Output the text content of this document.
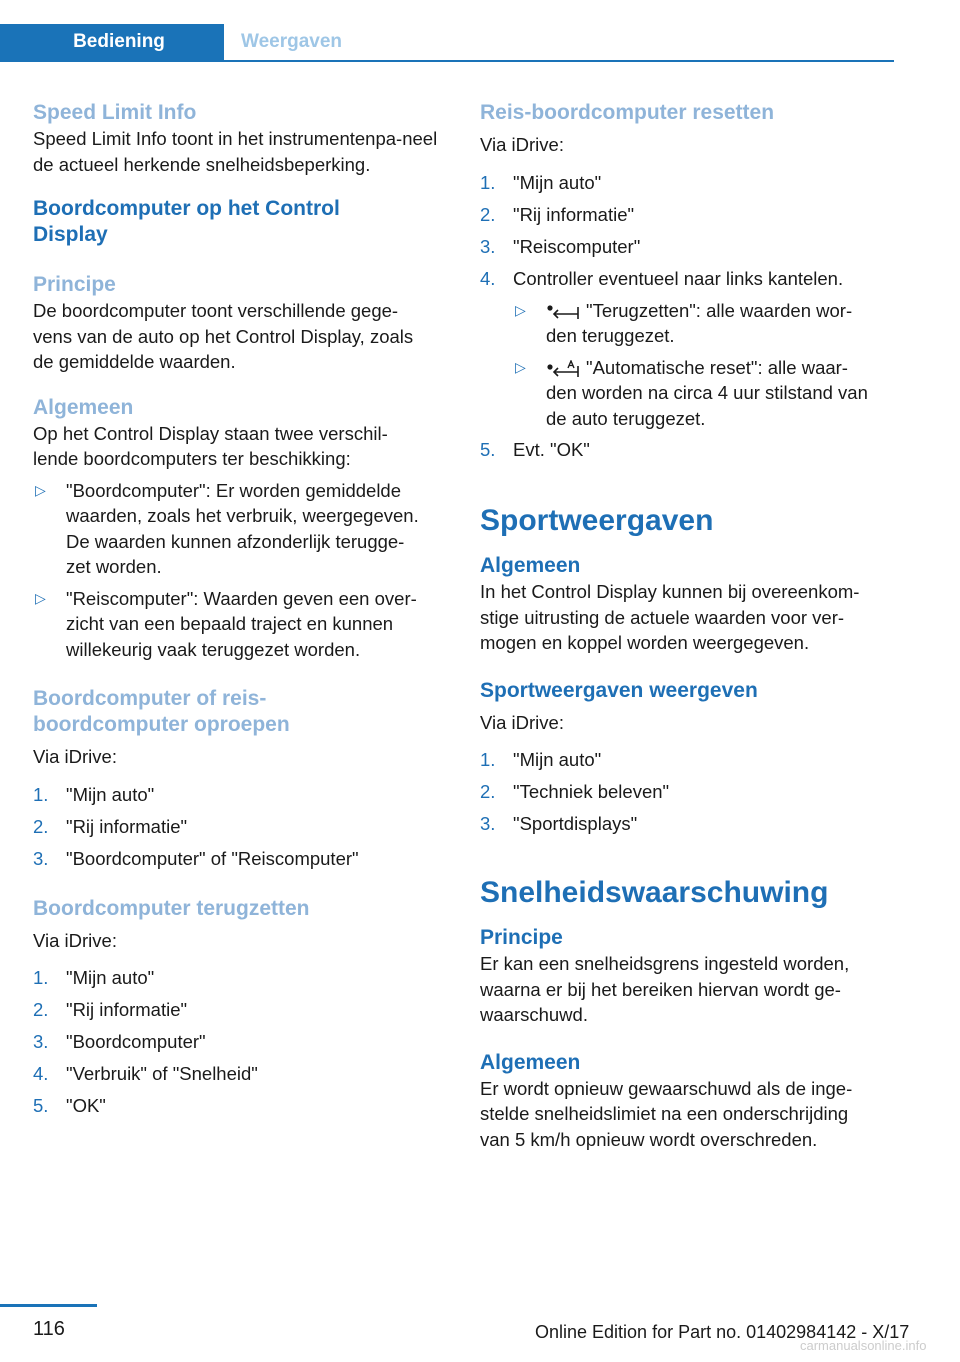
Bediening	Weergaven
Speed Limit Info

Speed Limit Info toont in het instrumentenpa-neel de actueel herkende snelheidsbeperking.

Boordcomputer op het Control
Display
Principe

De boordcomputer toont verschillende gege-
vens van de auto op het Control Display, zoals
de gemiddelde waarden.

Algemeen

Op het Control Display staan twee verschil-
lende boordcomputers ter beschikking:

▷ "Boordcomputer": Er worden gemiddelde
waarden, zoals het verbruik, weergegeven.
De waarden kunnen afzonderlijk terugge-
zet worden.
▷ "Reiscomputer": Waarden geven een over-
zicht van een bepaald traject en kunnen
willekeurig vaak teruggezet worden.
Boordcomputer of reis-
boordcomputer oproepen

Via iDrive:

1. "Mijn auto"
2. "Rij informatie"
3. "Boordcomputer" of "Reiscomputer"
Boordcomputer terugzetten

Via iDrive:

1. "Mijn auto"
2. "Rij informatie"
3. "Boordcomputer"
4. "Verbruik" of "Snelheid"
5. "OK"
Reis-boordcomputer resetten

Via iDrive:

1. "Mijn auto"
2. "Rij informatie"
3. "Reiscomputer"
4. Controller eventueel naar links kantelen.
▷	"Terugzetten": alle waarden wor-
den teruggezet.
▷	"Automatische reset": alle waar-
den worden na circa 4 uur stilstand van
de auto teruggezet.
5. Evt. "OK"
Sportweergaven
Algemeen

In het Control Display kunnen bij overeenkom-
stige uitrusting de actuele waarden voor ver-
mogen en koppel worden weergegeven.

Sportweergaven weergeven

Via iDrive:

1. "Mijn auto"
2. "Techniek beleven"
3. "Sportdisplays"
Snelheidswaarschuwing
Principe

Er kan een snelheidsgrens ingesteld worden,
waarna er bij het bereiken hiervan wordt ge-
waarschuwd.

Algemeen

Er wordt opnieuw gewaarschuwd als de inge-
stelde snelheidslimiet na een onderschrijding
van 5 km/h opnieuw wordt overschreden.

116	Online Edition for Part no. 01402984142 - X/17
carmanualsonline.info
